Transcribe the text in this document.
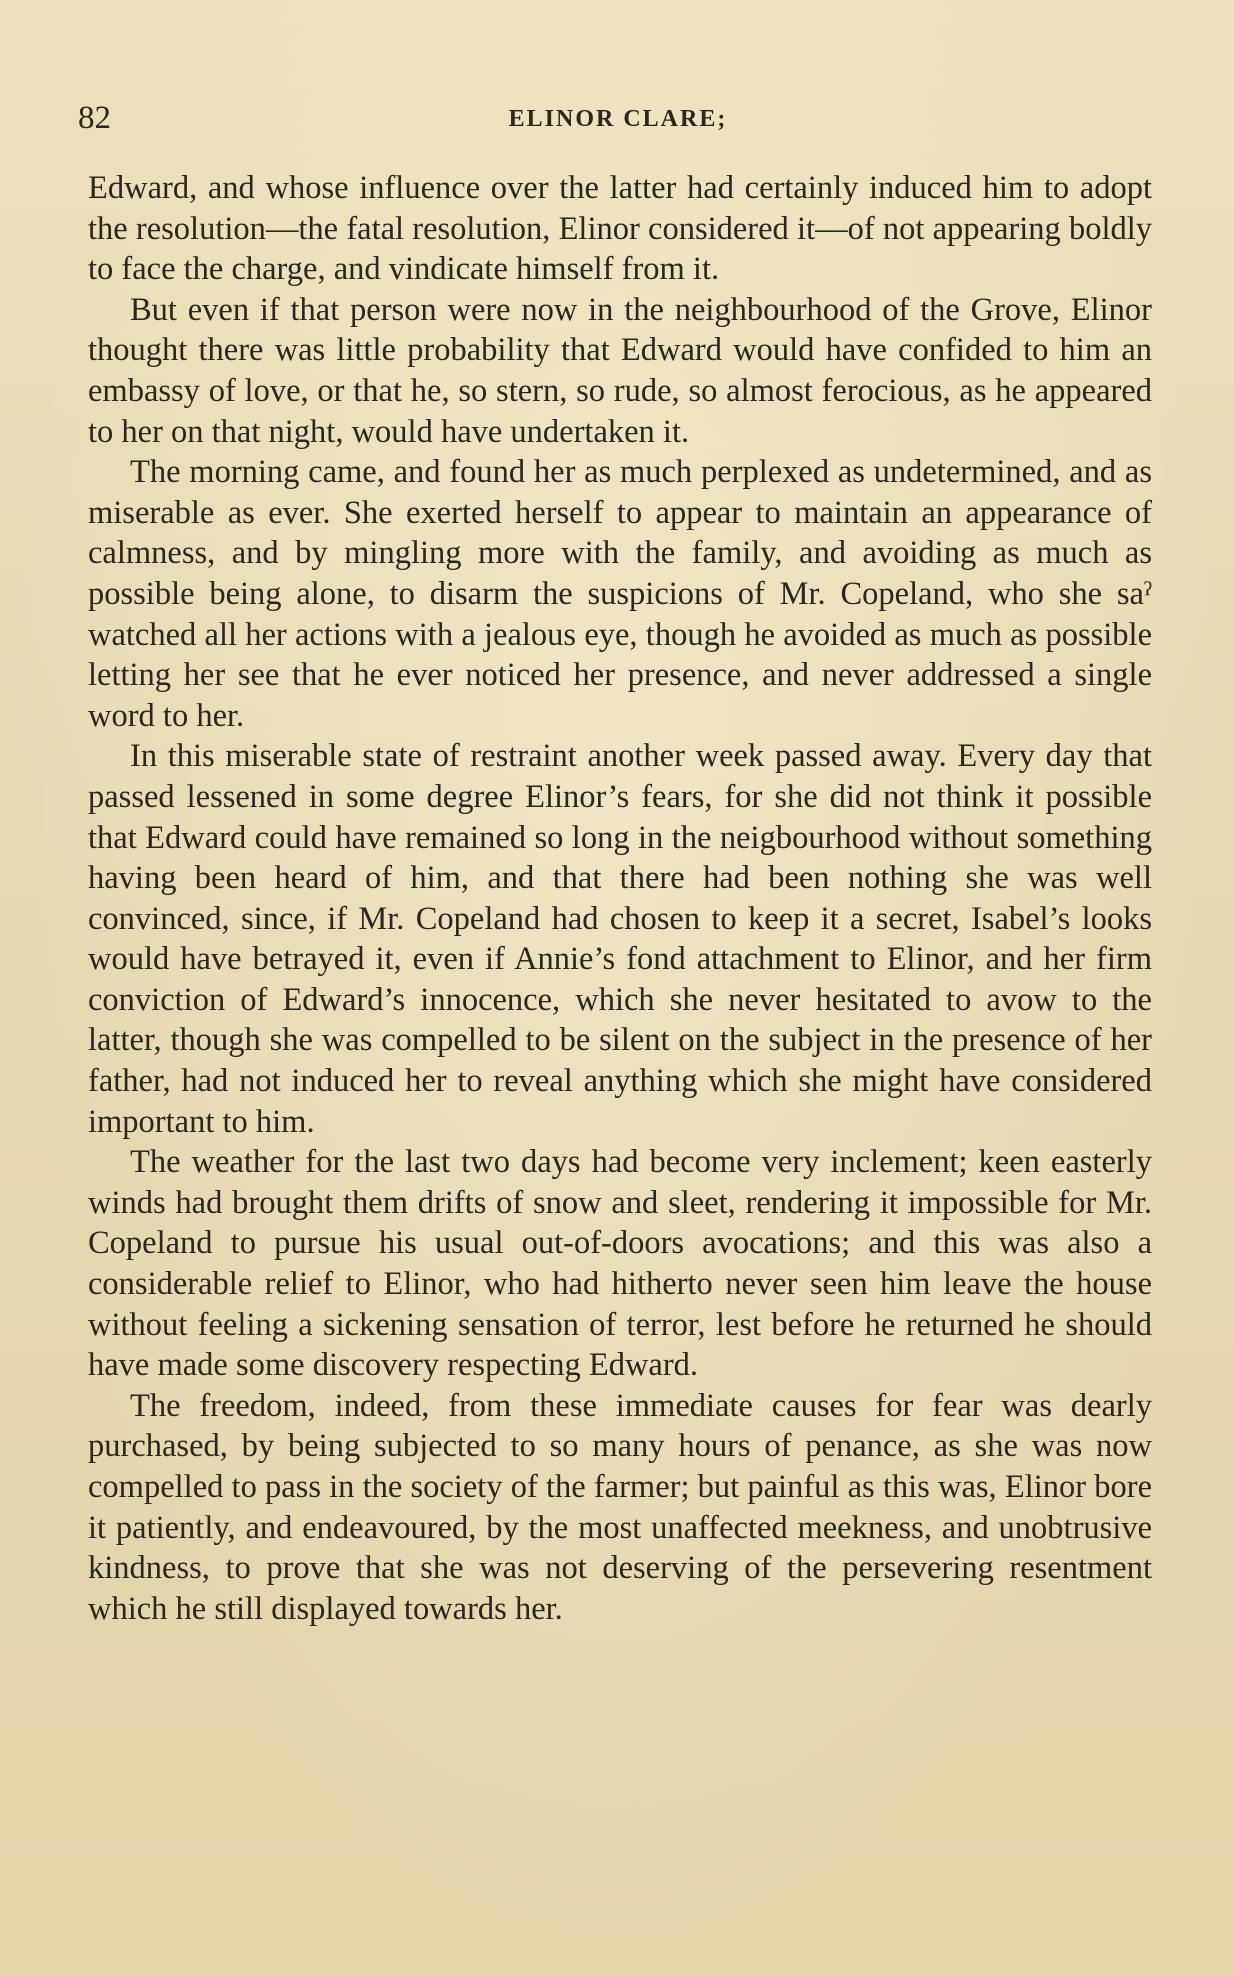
82	ELINOR CLARE;

Edward, and whose influence over the latter had certainly induced him to adopt the resolution—the fatal resolution, Elinor considered it—of not appearing boldly to face the charge, and vindicate himself from it.

But even if that person were now in the neighbourhood of the Grove, Elinor thought there was little probability that Edward would have confided to him an embassy of love, or that he, so stern, so rude, so almost ferocious, as he appeared to her on that night, would have undertaken it.

The morning came, and found her as much perplexed as undetermined, and as miserable as ever. She exerted herself to appear to maintain an appearance of calmness, and by mingling more with the family, and avoiding as much as possible being alone, to disarm the suspicions of Mr. Copeland, who she saˀ watched all her actions with a jealous eye, though he avoided as much as possible letting her see that he ever noticed her presence, and never addressed a single word to her.

In this miserable state of restraint another week passed away. Every day that passed lessened in some degree Elinor’s fears, for she did not think it possible that Edward could have remained so long in the neigbourhood without something having been heard of him, and that there had been nothing she was well convinced, since, if Mr. Copeland had chosen to keep it a secret, Isabel’s looks would have betrayed it, even if Annie’s fond attachment to Elinor, and her firm conviction of Edward’s innocence, which she never hesitated to avow to the latter, though she was compelled to be silent on the subject in the presence of her father, had not induced her to reveal anything which she might have considered important to him.

The weather for the last two days had become very inclement; keen easterly winds had brought them drifts of snow and sleet, rendering it impossible for Mr. Copeland to pursue his usual out-of-doors avocations; and this was also a considerable relief to Elinor, who had hitherto never seen him leave the house without feeling a sickening sensation of terror, lest before he returned he should have made some discovery respecting Edward.

The freedom, indeed, from these immediate causes for fear was dearly purchased, by being subjected to so many hours of penance, as she was now compelled to pass in the society of the farmer; but painful as this was, Elinor bore it patiently, and endeavoured, by the most unaffected meekness, and unobtrusive kindness, to prove that she was not deserving of the persevering resentment which he still displayed towards her.
